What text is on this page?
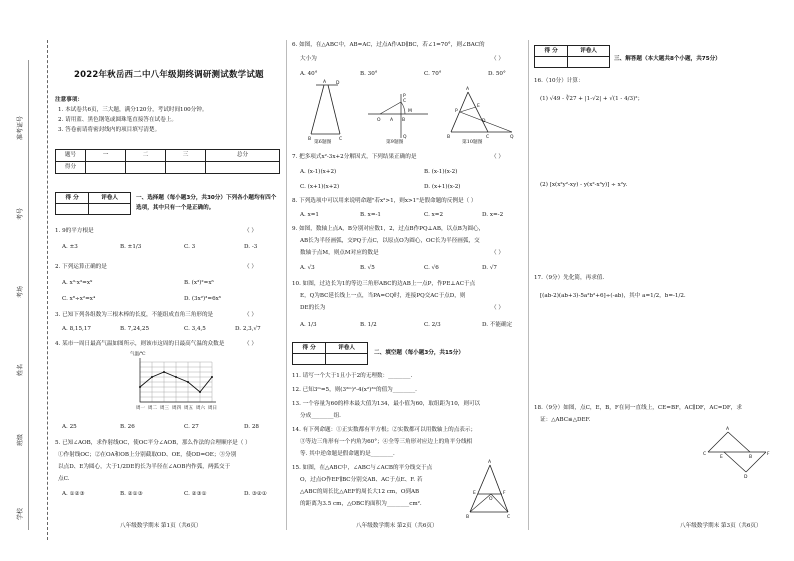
准考证号
考号
考场
姓名
班级
学校
2022年秋岳西二中八年级期终调研测试数学试题
注意事项：
1. 本试卷共6页，三大题，满分120分，考试时间100分钟。
2. 请用蓝、黑色钢笔或圆珠笔直接答在试卷上。
3. 答卷前请将密封线内的项目填写清楚。
题号	一	二	三	总分
得分				
得 分	评卷人
		一、选择题（每小题3分，共30分）下列各小题均有四个选项，其中只有一个是正确的。
1. 9的平方根是	（ ）
A. ±3	B. ±1/3	C. 3	D. -3
2. 下列运算正确的是	（ ）
A. x³·x³=x⁹	B. (x³)²=x⁶
C. x⁸÷x²=x⁴	D. (3x²)³=6x⁶
3. 已知下列各组数为三根木棒的长度，不能组成直角三角形的是	（ ）
A. 8,15,17	B. 7,24,25	C. 3,4,5	D. 2,3,√7
4. 某市一周日最高气温如图所示，则该市这周的日最高气温的众数是	（ ）
气温/℃
周一 周二 周三 周四 周五 周六 周日
A. 25	B. 26	C. 27	D. 28
5. 已知∠AOB，求作射线OC，使OC平分∠AOB，那么作法的合理顺序是（ ）
①作射线OC；②在OA和OB上分别截取OD、OE，使OD=OE；③分别
以点D、E为圆心，大于1/2DE的长为半径在∠AOB内作弧，两弧交于
点C.
A. ①②③	B. ②①③	C. ②③①	D. ③②①
八年级数学期末 第1页（共6页）
6. 如图，在△ABC中，AB=AC，过点A作AD∥BC，若∠1=70°，则∠BAC的
大小为	（ ）
A. 40°	B. 30°	C. 70°	D. 50°
A
B	C
D
第6题图
O A B
C
M
P
Q
第9题图
A
B	C	Q
P
E
D
第10题图
7. 把多项式x²-3x+2分解因式，下列结果正确的是	（ ）
A. (x-1)(x+2)	B. (x-1)(x-2)
C. (x+1)(x+2)	D. (x+1)(x-2)
8. 下列选项中可以用来说明命题"若x²>1，则x>1"是假命题的反例是（ ）
A. x=1	B. x=-1	C. x=2	D. x=-2
9. 如图，数轴上点A，B分别对应数1，2，过点B作PQ⊥AB，以点B为圆心，
AB长为半径画弧，交PQ于点C，以原点O为圆心，OC长为半径画弧，交
数轴于点M，则点M对应的数是	（ ）
A. √3	B. √5	C. √6	D. √7
10. 如图，过边长为1的等边三角形ABC的边AB上一点P，作PE⊥AC于点
E，Q为BC延长线上一点，当PA=CQ时，连接PQ交AC于点D，则
DE的长为	（ ）
A. 1/3	B. 1/2	C. 2/3	D. 不能确定
得 分	评卷人

二、填空题（每小题3分，共15分）
11. 请写一个大于1且小于2的无理数：________.
12. 已知3ᵐ=5，则(3²ᵐ)²-4(x²)³ⁿ的值为________.
13. 一个容量为60的样本最大值为134，最小值为60，取组距为10，则可以
分成________组.
14. 有下列命题：①正实数都有平方根；②实数都可以用数轴上的点表示；
③等边三角形有一个内角为60°；④全等三角形对应边上的角平分线相
等. 其中逆命题是假命题的是________.
15. 如图，在△ABC中，∠ABC与∠ACB的平分线交于点
O，过点O作EF∥BC分别交AB、AC于点E、F. 若
△ABC的周长比△AEF的周长大12 cm，O到AB
的距离为3.5 cm，△OBC的面积为________cm².
A
B	C
E	F
O
八年级数学期末 第2页（共6页）
得 分	评卷人

三、解答题（本大题共8个小题，共75分）
16.（10分）计算：
(1) √49 - ∛27 + |1-√2| + √(1 - 4/3)²；
(2) [x(x²y²-xy) - y(x²-x³y)] ÷ x²y.
17.（9分）先化简，再求值.
[(ab-2)(ab+3)-5a²b²+6]÷(-ab)，其中 a=1/2，b=-1/2.
18.（9分）如图，点C，E，B，F在同一直线上，CE=BF，AC∥DF，AC=DF，求
证：△ABC≌△DEF.
A
C
E	B
F
D
八年级数学期末 第3页（共6页）
